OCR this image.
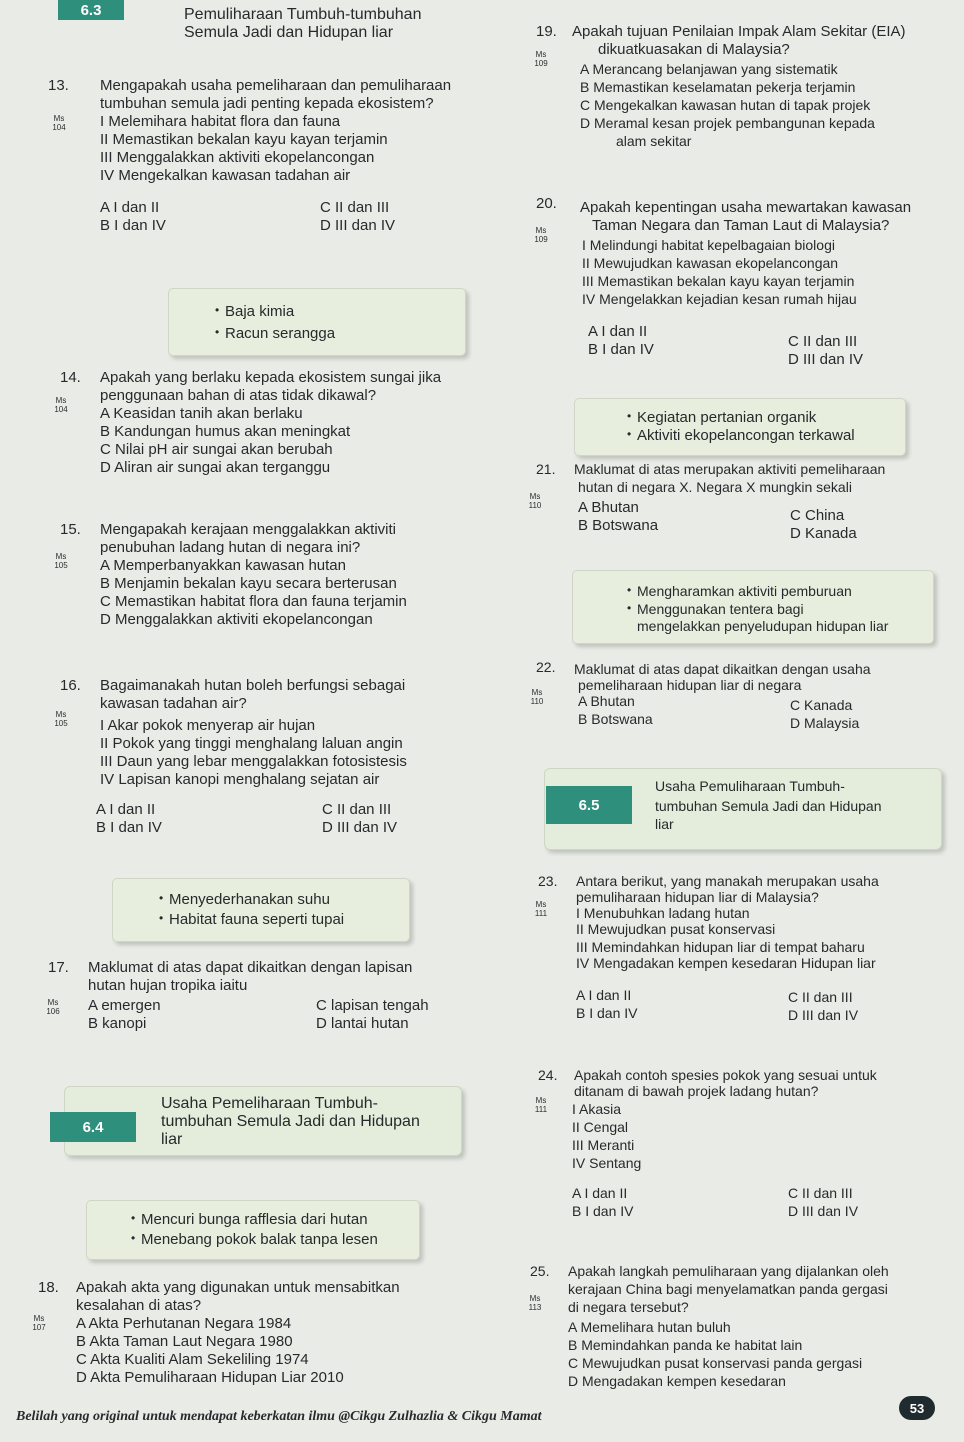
6.3	Pemuliharaan Tumbuh-tumbuhan
Semula Jadi dan Hidupan liar
13. Mengapakah usaha pemeliharaan dan pemuliharaan
tumbuhan semula jadi penting kepada ekosistem?
Ms
104 I Melemihara habitat flora dan fauna
II Memastikan bekalan kayu kayan terjamin
III Menggalakkan aktiviti ekopelancongan
IV Mengekalkan kawasan tadahan air
A I dan II
B I dan IV
C II dan III
D III dan IV
• Baja kimia
• Racun serangga
14. Apakah yang berlaku kepada ekosistem sungai jika
penggunaan bahan di atas tidak dikawal?
Ms
104 A Keasidan tanih akan berlaku
B Kandungan humus akan meningkat
C Nilai pH air sungai akan berubah
D Aliran air sungai akan terganggu
15. Mengapakah kerajaan menggalakkan aktiviti
penubuhan ladang hutan di negara ini?
Ms
105 A Memperbanyakkan kawasan hutan
B Menjamin bekalan kayu secara berterusan
C Memastikan habitat flora dan fauna terjamin
D Menggalakkan aktiviti ekopelancongan
16. Bagaimanakah hutan boleh berfungsi sebagai
kawasan tadahan air?
Ms
105 I Akar pokok menyerap air hujan
II Pokok yang tinggi menghalang laluan angin
III Daun yang lebar menggalakkan fotosistesis
IV Lapisan kanopi menghalang sejatan air
A I dan II
B I dan IV
C II dan III
D III dan IV
• Menyederhanakan suhu
• Habitat fauna seperti tupai
17. Maklumat di atas dapat dikaitkan dengan lapisan
hutan hujan tropika iaitu
Ms
106 A emergen
B kanopi
C lapisan tengah
D lantai hutan
Usaha Pemeliharaan Tumbuh-
tumbuhan Semula Jadi dan Hidupan
liar
6.4
• Mencuri bunga rafflesia dari hutan
• Menebang pokok balak tanpa lesen
18. Apakah akta yang digunakan untuk mensabitkan
kesalahan di atas?
Ms
107 A Akta Perhutanan Negara 1984
B Akta Taman Laut Negara 1980
C Akta Kualiti Alam Sekeliling 1974
D Akta Pemuliharaan Hidupan Liar 2010
19. Apakah tujuan Penilaian Impak Alam Sekitar (EIA)
dikuatkuasakan di Malaysia?
Ms
109	A Merancang belanjawan yang sistematik
B Memastikan keselamatan pekerja terjamin
C Mengekalkan kawasan hutan di tapak projek
D Meramal kesan projek pembangunan kepada
alam sekitar
20. Apakah kepentingan usaha mewartakan kawasan
Taman Negara dan Taman Laut di Malaysia?
Ms
109	I Melindungi habitat kepelbagaian biologi
II Mewujudkan kawasan ekopelancongan
III Memastikan bekalan kayu kayan terjamin
IV Mengelakkan kejadian kesan rumah hijau
A I dan II
B I dan IV	C II dan III
D III dan IV
• Kegiatan pertanian organik
• Aktiviti ekopelancongan terkawal
21. Maklumat di atas merupakan aktiviti pemeliharaan
hutan di negara X. Negara X mungkin sekali
Ms
110	A Bhutan
B Botswana
C China
D Kanada
• Mengharamkan aktiviti pemburuan
• Menggunakan tentera bagi
mengelakkan penyeludupan hidupan liar
22. Maklumat di atas dapat dikaitkan dengan usaha
pemeliharaan hidupan liar di negara
Ms
110	A Bhutan
B Botswana
C Kanada
D Malaysia
Usaha Pemuliharaan Tumbuh-
tumbuhan Semula Jadi dan Hidupan
liar
6.5
23. Antara berikut, yang manakah merupakan usaha
pemuliharaan hidupan liar di Malaysia?
Ms
111	I Menubuhkan ladang hutan
II Mewujudkan pusat konservasi
III Memindahkan hidupan liar di tempat baharu
IV Mengadakan kempen kesedaran Hidupan liar
A I dan II
B I dan IV
C II dan III
D III dan IV
24. Apakah contoh spesies pokok yang sesuai untuk
ditanam di bawah projek ladang hutan?
Ms
111	I Akasia
II Cengal
III Meranti
IV Sentang
A I dan II
B I dan IV
C II dan III
D III dan IV
25. Apakah langkah pemuliharaan yang dijalankan oleh
kerajaan China bagi menyelamatkan panda gergasi
di negara tersebut?
Ms
113
A Memelihara hutan buluh
B Memindahkan panda ke habitat lain
C Mewujudkan pusat konservasi panda gergasi
D Mengadakan kempen kesedaran
Belilah yang original untuk mendapat keberkatan ilmu @Cikgu Zulhazlia & Cikgu Mamat
53
